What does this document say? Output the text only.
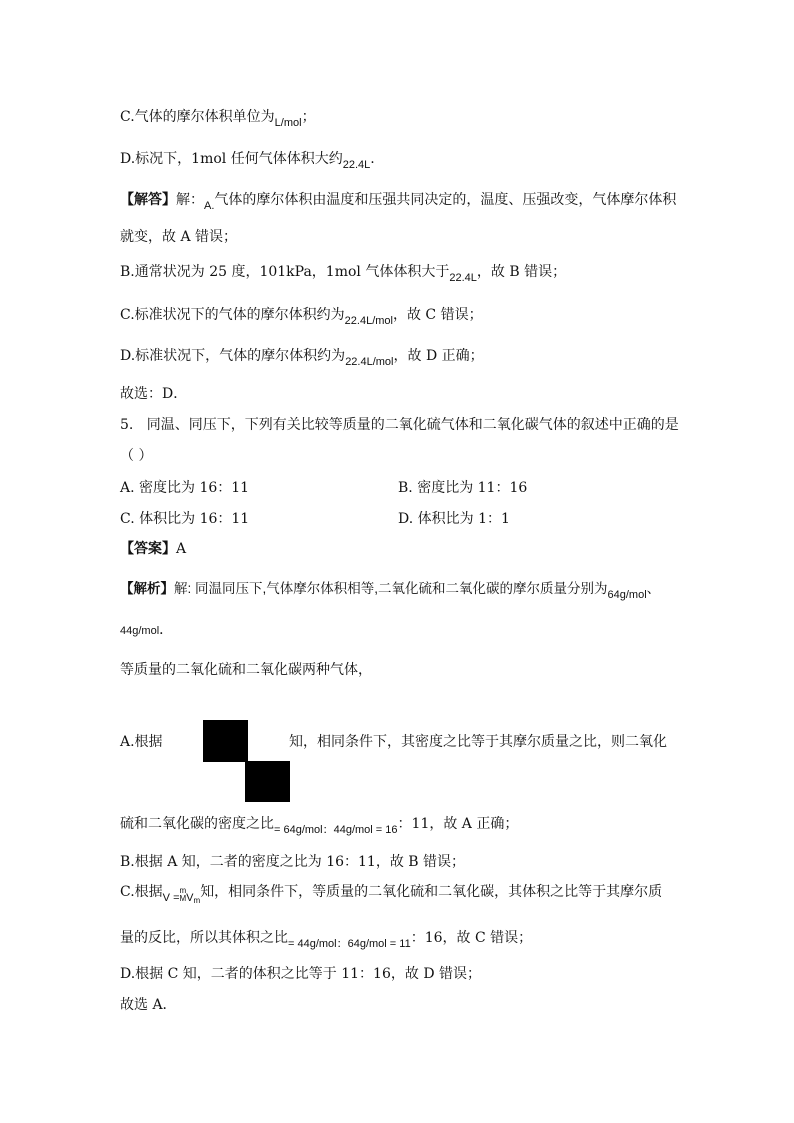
C.气体的摩尔体积单位为$_{L/mol}$；
D.标况下，1mol 任何气体体积大约$_{22.4L}$.
【解答】解：$_{A.}$气体的摩尔体积由温度和压强共同决定的，温度、压强改变，气体摩尔体积
就变，故 A 错误；
B.通常状况为 25 度，101kPa，1mol 气体体积大于$_{22.4L}$，故 B 错误；
C.标准状况下的气体的摩尔体积约为$_{22.4L/mol}$，故 C 错误；
D.标准状况下，气体的摩尔体积约为$_{22.4L/mol}$，故 D 正确；
故选：D．
5. 同温、同压下，下列有关比较等质量的二氧化硫气体和二氧化碳气体的叙述中正确的是
（ ）
A. 密度比为 16：11	B. 密度比为 11：16
C. 体积比为 16：11	D. 体积比为 1：1
【答案】A
【解析】解: 同温同压下,气体摩尔体积相等,二氧化硫和二氧化碳的摩尔质量分别为$_{64g/mol}$、
44g/mol．
等质量的二氧化硫和二氧化碳两种气体，
A.根据	知，相同条件下，其密度之比等于其摩尔质量之比，则二氧化
硫和二氧化碳的密度之比$_{= 64g/mol:44g/mol = 16}$：11，故 A 正确；
B.根据 A 知，二者的密度之比为 16：11，故 B 错误；
C.根据$_{V =}$
m
M $_{Vm}$知，相同条件下，等质量的二氧化硫和二氧化碳，其体积之比等于其摩尔质
量的反比，所以其体积之比$_{= 44g/mol:64g/mol = 11}$：16，故 C 错误；
D.根据 C 知，二者的体积之比等于 11：16，故 D 错误；
故选 A．
